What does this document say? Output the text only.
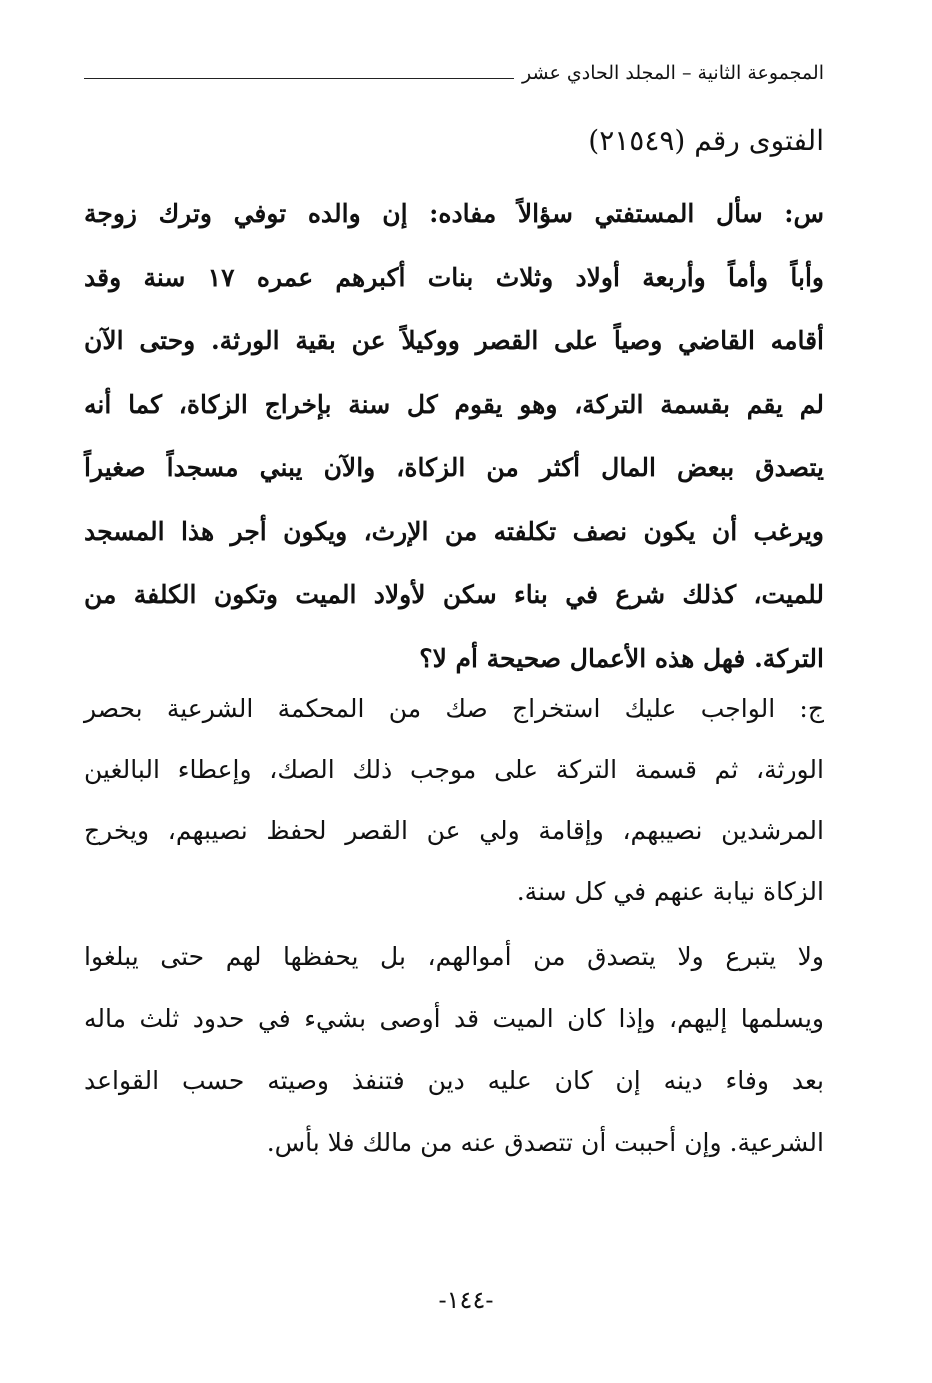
المجموعة الثانية – المجلد الحادي عشر
الفتوى رقم (٢١٥٤٩)
س: سأل المستفتي سؤالاً مفاده: إن والده توفي وترك زوجة
وأباً وأماً وأربعة أولاد وثلاث بنات أكبرهم عمره ١٧ سنة وقد
أقامه القاضي وصياً على القصر ووكيلاً عن بقية الورثة. وحتى الآن
لم يقم بقسمة التركة، وهو يقوم كل سنة بإخراج الزكاة، كما أنه
يتصدق ببعض المال أكثر من الزكاة، والآن يبني مسجداً صغيراً
ويرغب أن يكون نصف تكلفته من الإرث، ويكون أجر هذا المسجد
للميت، كذلك شرع في بناء سكن لأولاد الميت وتكون الكلفة من
التركة. فهل هذه الأعمال صحيحة أم لا؟
ج: الواجب عليك استخراج صك من المحكمة الشرعية بحصر
الورثة، ثم قسمة التركة على موجب ذلك الصك، وإعطاء البالغين
المرشدين نصيبهم، وإقامة ولي عن القصر لحفظ نصيبهم، ويخرج
الزكاة نيابة عنهم في كل سنة.
ولا يتبرع ولا يتصدق من أموالهم، بل يحفظها لهم حتى يبلغوا
ويسلمها إليهم، وإذا كان الميت قد أوصى بشيء في حدود ثلث ماله
بعد وفاء دينه إن كان عليه دين فتنفذ وصيته حسب القواعد
الشرعية. وإن أحببت أن تتصدق عنه من مالك فلا بأس.
-١٤٤-
